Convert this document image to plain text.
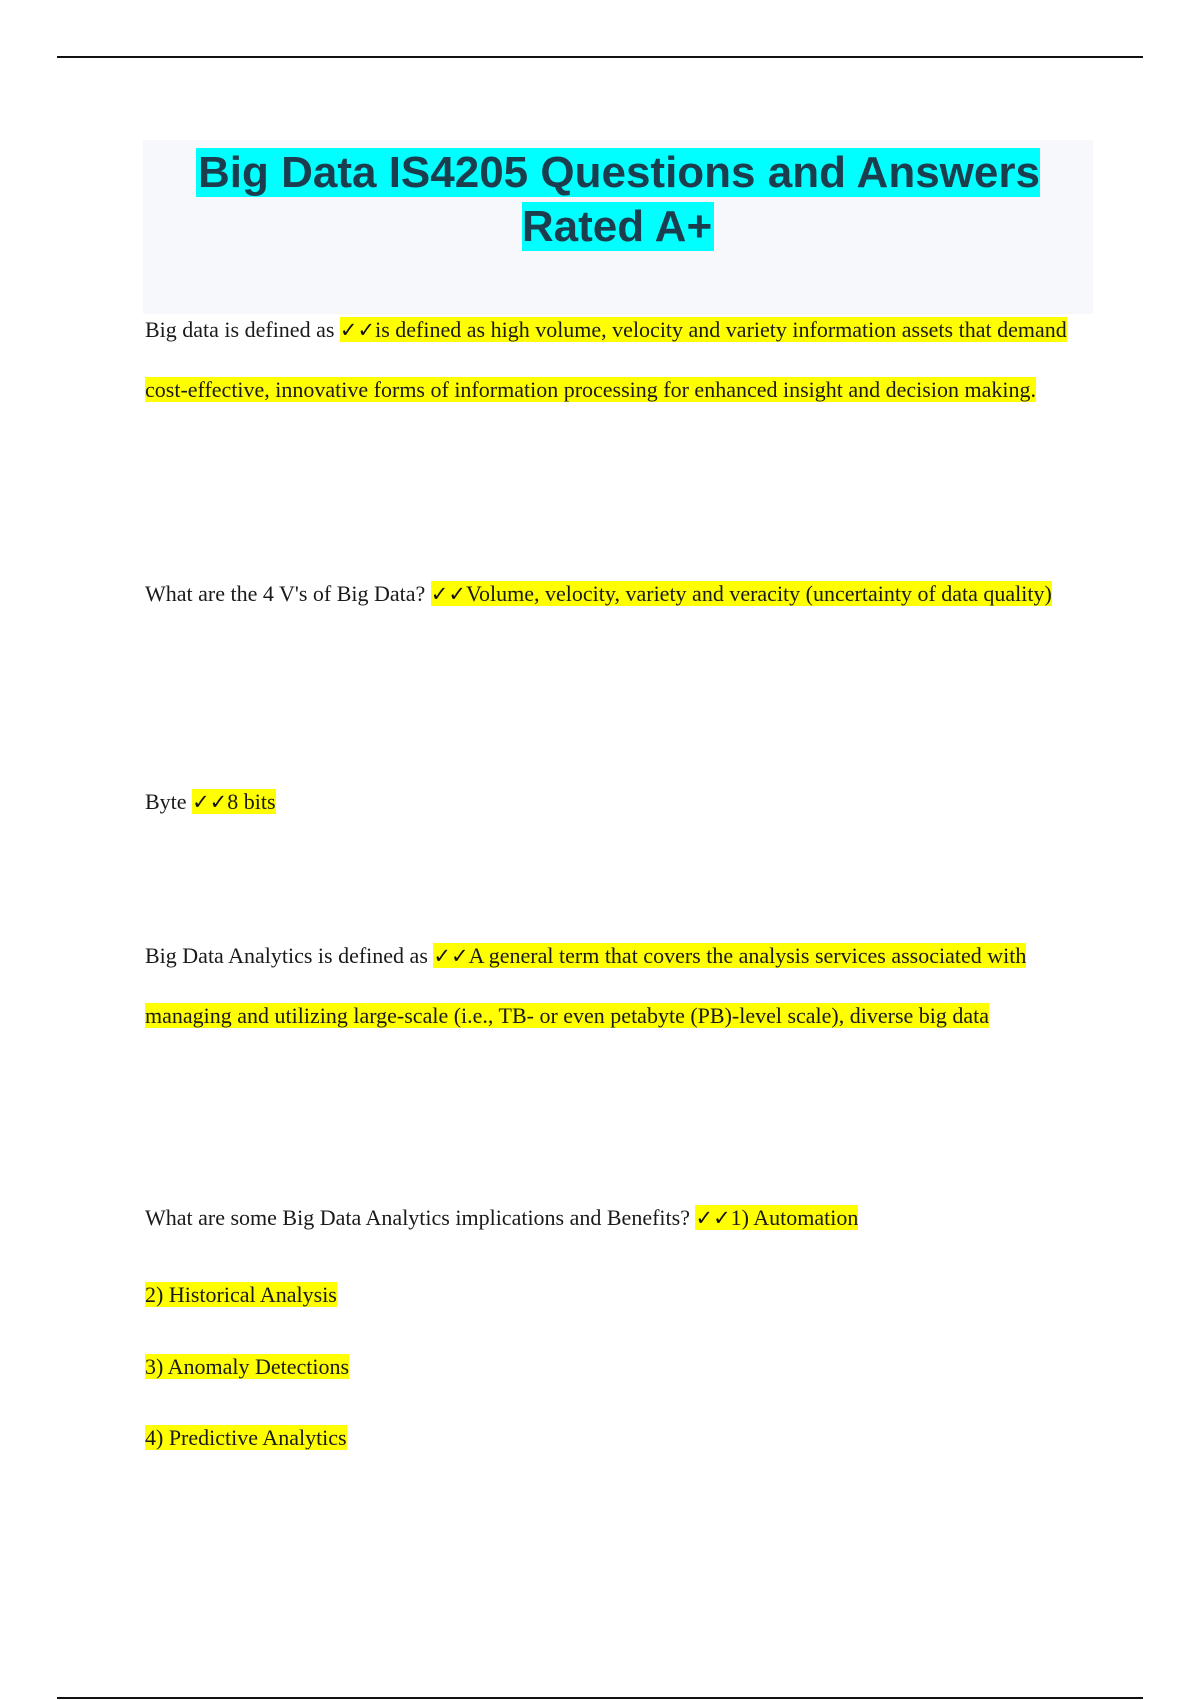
Big Data IS4205 Questions and Answers Rated A+

Big data is defined as ✓✓is defined as high volume, velocity and variety information assets that demand cost-effective, innovative forms of information processing for enhanced insight and decision making.

What are the 4 V's of Big Data? ✓✓Volume, velocity, variety and veracity (uncertainty of data quality)

Byte ✓✓8 bits

Big Data Analytics is defined as ✓✓A general term that covers the analysis services associated with managing and utilizing large-scale (i.e., TB- or even petabyte (PB)-level scale), diverse big data

What are some Big Data Analytics implications and Benefits? ✓✓1) Automation

2) Historical Analysis

3) Anomaly Detections

4) Predictive Analytics
